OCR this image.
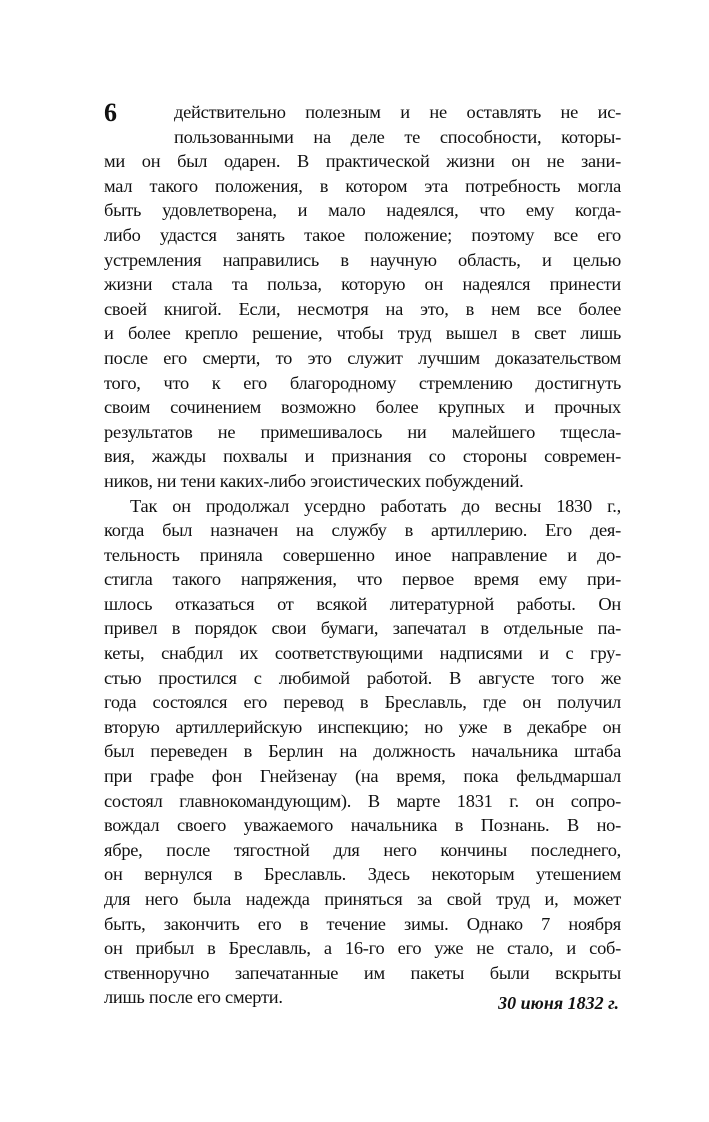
6	действительно полезным и не оставлять не ис-
пользованными на деле те способности, которы-
ми он был одарен. В практической жизни он не зани-
мал такого положения, в котором эта потребность могла
быть удовлетворена, и мало надеялся, что ему когда-
либо удастся занять такое положение; поэтому все его
устремления направились в научную область, и целью
жизни стала та польза, которую он надеялся принести
своей книгой. Если, несмотря на это, в нем все более
и более крепло решение, чтобы труд вышел в свет лишь
после его смерти, то это служит лучшим доказательством
того, что к его благородному стремлению достигнуть
своим сочинением возможно более крупных и прочных
результатов не примешивалось ни малейшего тщесла-
вия, жажды похвалы и признания со стороны современ-
ников, ни тени каких-либо эгоистических побуждений.
Так он продолжал усердно работать до весны 1830 г.,
когда был назначен на службу в артиллерию. Его дея-
тельность приняла совершенно иное направление и до-
стигла такого напряжения, что первое время ему при-
шлось отказаться от всякой литературной работы. Он
привел в порядок свои бумаги, запечатал в отдельные па-
кеты, снабдил их соответствующими надписями и с гру-
стью простился с любимой работой. В августе того же
года состоялся его перевод в Бреславль, где он получил
вторую артиллерийскую инспекцию; но уже в декабре он
был переведен в Берлин на должность начальника штаба
при графе фон Гнейзенау (на время, пока фельдмаршал
состоял главнокомандующим). В марте 1831 г. он сопро-
вождал своего уважаемого начальника в Познань. В но-
ябре, после тягостной для него кончины последнего,
он вернулся в Бреславль. Здесь некоторым утешением
для него была надежда приняться за свой труд и, может
быть, закончить его в течение зимы. Однако 7 ноября
он прибыл в Бреславль, а 16-го его уже не стало, и соб-
ственноручно запечатанные им пакеты были вскрыты
лишь после его смерти.	30 июня 1832 г.
